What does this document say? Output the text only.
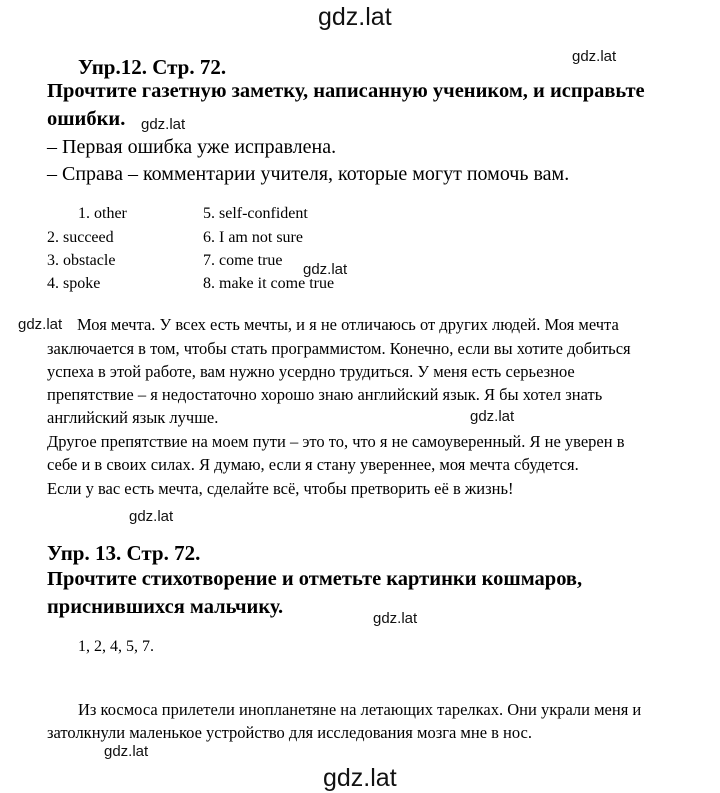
gdz.lat
gdz.lat
gdz.lat
gdz.lat
gdz.lat
gdz.lat
gdz.lat
gdz.lat
gdz.lat
gdz.lat
Упр.12. Стр. 72.
Прочтите газетную заметку, написанную учеником, и исправьте
ошибки.
– Первая ошибка уже исправлена.
– Справа – комментарии учителя, которые могут помочь вам.
1. other
2. succeed
3. obstacle
4. spoke
5. self-confident
6. I am not sure
7. come true
8. make it come true
Моя мечта. У всех есть мечты, и я не отличаюсь от других людей. Моя мечта
заключается в том, чтобы стать программистом. Конечно, если вы хотите добиться
успеха в этой работе, вам нужно усердно трудиться. У меня есть серьезное
препятствие – я недостаточно хорошо знаю английский язык. Я бы хотел знать
английский язык лучше.
Другое препятствие на моем пути – это то, что я не самоуверенный. Я не уверен в
себе и в своих силах. Я думаю, если я стану увереннее, моя мечта сбудется.
Если у вас есть мечта, сделайте всё, чтобы претворить её в жизнь!
Упр. 13. Стр. 72.
Прочтите стихотворение и отметьте картинки кошмаров,
приснившихся мальчику.
1, 2, 4, 5, 7.
Из космоса прилетели инопланетяне на летающих тарелках. Они украли меня и
затолкнули маленькое устройство для исследования мозга мне в нос.
